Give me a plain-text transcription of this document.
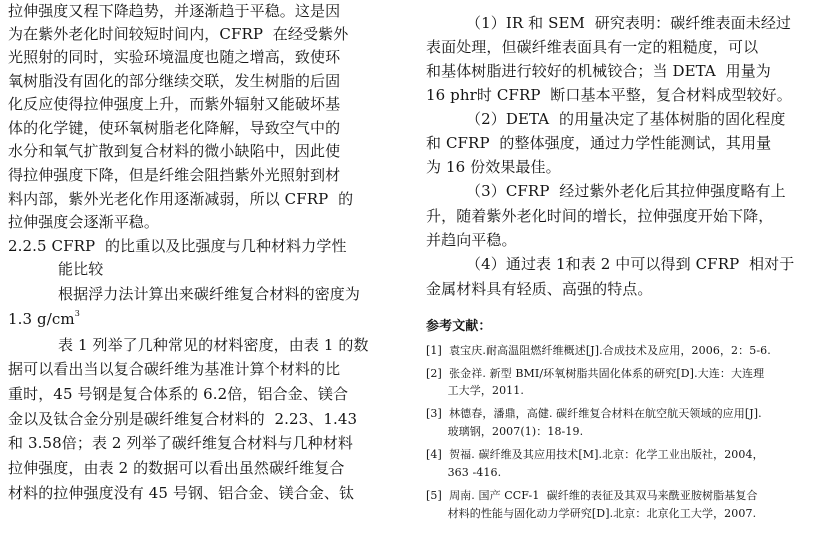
拉伸强度又程下降趋势，并逐渐趋于平稳。这是因
为在紫外老化时间较短时间内，CFRP  在经受紫外
光照射的同时，实验环境温度也随之增高，致使环
氧树脂没有固化的部分继续交联，发生树脂的后固
化反应使得拉伸强度上升，而紫外辐射又能破坏基
体的化学键，使环氧树脂老化降解，导致空气中的
水分和氧气扩散到复合材料的微小缺陷中，因此使
得拉伸强度下降，但是纤维会阻挡紫外光照射到材
料内部，紫外光老化作用逐渐减弱，所以 CFRP  的
拉伸强度会逐渐平稳。
2.2.5 CFRP  的比重以及比强度与几种材料力学性
能比较
根据浮力法计算出来碳纤维复合材料的密度为
1.3 $g/cm^3$
表 1 列举了几种常见的材料密度，由表 1 的数
据可以看出当以复合碳纤维为基准计算个材料的比
重时，45 号钢是复合体系的 6.2倍，铝合金、镁合
金以及钛合金分别是碳纤维复合材料的  2.23、1.43
和 3.58倍；表 2 列举了碳纤维复合材料与几种材料
拉伸强度，由表 2 的数据可以看出虽然碳纤维复合
材料的拉伸强度没有 45 号钢、铝合金、镁合金、钛
（1）IR 和 SEM  研究表明：碳纤维表面未经过
表面处理，但碳纤维表面具有一定的粗糙度，可以
和基体树脂进行较好的机械铰合；当 DETA  用量为
16 phr时 CFRP  断口基本平整，复合材料成型较好。
（2）DETA  的用量决定了基体树脂的固化程度
和 CFRP  的整体强度，通过力学性能测试，其用量
为 16 份效果最佳。
（3）CFRP  经过紫外老化后其拉伸强度略有上
升，随着紫外老化时间的增长，拉伸强度开始下降，
并趋向平稳。
（4）通过表 1和表 2 中可以得到 CFRP  相对于
金属材料具有轻质、高强的特点。
参考文献：
[1]  袁宝庆.耐高温阻燃纤维概述[J].合成技术及应用，2006，2：5-6.
[2]  张金祥. 新型 BMI/环氧树脂共固化体系的研究[D].大连：大连理
工大学，2011.
[3]  林德春，潘鼎，高健. 碳纤维复合材料在航空航天领域的应用[J].
玻璃钢，2007(1)：18-19.
[4]  贺福. 碳纤维及其应用技术[M].北京：化学工业出版社，2004，
363 -416.
[5]  周南. 国产 CCF-1  碳纤维的表征及其双马来酰亚胺树脂基复合
材料的性能与固化动力学研究[D].北京：北京化工大学，2007.
